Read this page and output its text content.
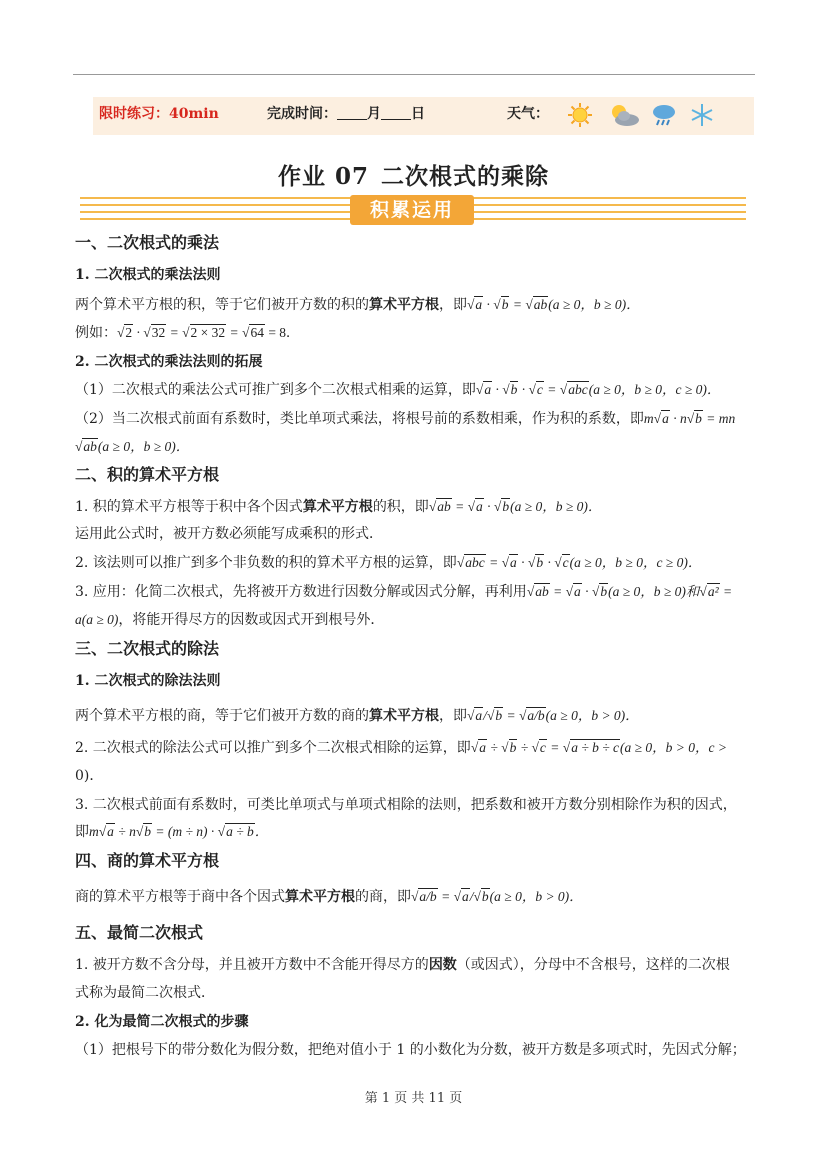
限时练习：40min	完成时间： 月 日	天气：
作业 07 二次根式的乘除
积累运用
一、二次根式的乘法
1. 二次根式的乘法法则
两个算术平方根的积，等于它们被开方数的积的算术平方根，即√a · √b = √ab(a ≥ 0，b ≥ 0)．
例如：√2 · √32 = √2 × 32 = √64 = 8．
2. 二次根式的乘法法则的拓展
（1）二次根式的乘法公式可推广到多个二次根式相乘的运算，即√a · √b · √c = √abc(a ≥ 0，b ≥ 0，c ≥ 0)．
（2）当二次根式前面有系数时，类比单项式乘法，将根号前的系数相乘，作为积的系数，即m√a · n√b = mn
√ab(a ≥ 0，b ≥ 0)．
二、积的算术平方根
1. 积的算术平方根等于积中各个因式算术平方根的积，即√ab = √a · √b(a ≥ 0，b ≥ 0)．
运用此公式时，被开方数必须能写成乘积的形式．
2. 该法则可以推广到多个非负数的积的算术平方根的运算，即√abc = √a · √b · √c(a ≥ 0，b ≥ 0，c ≥ 0)．
3. 应用：化简二次根式，先将被开方数进行因数分解或因式分解，再利用√ab = √a · √b(a ≥ 0，b ≥ 0)和√a² =
a(a ≥ 0)，将能开得尽方的因数或因式开到根号外．
三、二次根式的除法
1. 二次根式的除法法则
两个算术平方根的商，等于它们被开方数的商的算术平方根，即√a/√b = √a/b(a ≥ 0，b > 0)．
2. 二次根式的除法公式可以推广到多个二次根式相除的运算，即√a ÷ √b ÷ √c = √a ÷ b ÷ c(a ≥ 0，b > 0，c >
0)．
3. 二次根式前面有系数时，可类比单项式与单项式相除的法则，把系数和被开方数分别相除作为积的因式，
即m√a ÷ n√b = (m ÷ n) · √a ÷ b．
四、商的算术平方根
商的算术平方根等于商中各个因式算术平方根的商，即√a/b = √a/√b(a ≥ 0，b > 0)．
五、最简二次根式
1. 被开方数不含分母，并且被开方数中不含能开得尽方的因数（或因式），分母中不含根号，这样的二次根
式称为最简二次根式．
2. 化为最简二次根式的步骤
（1）把根号下的带分数化为假分数，把绝对值小于 1 的小数化为分数，被开方数是多项式时，先因式分解；
第 1 页 共 11 页
